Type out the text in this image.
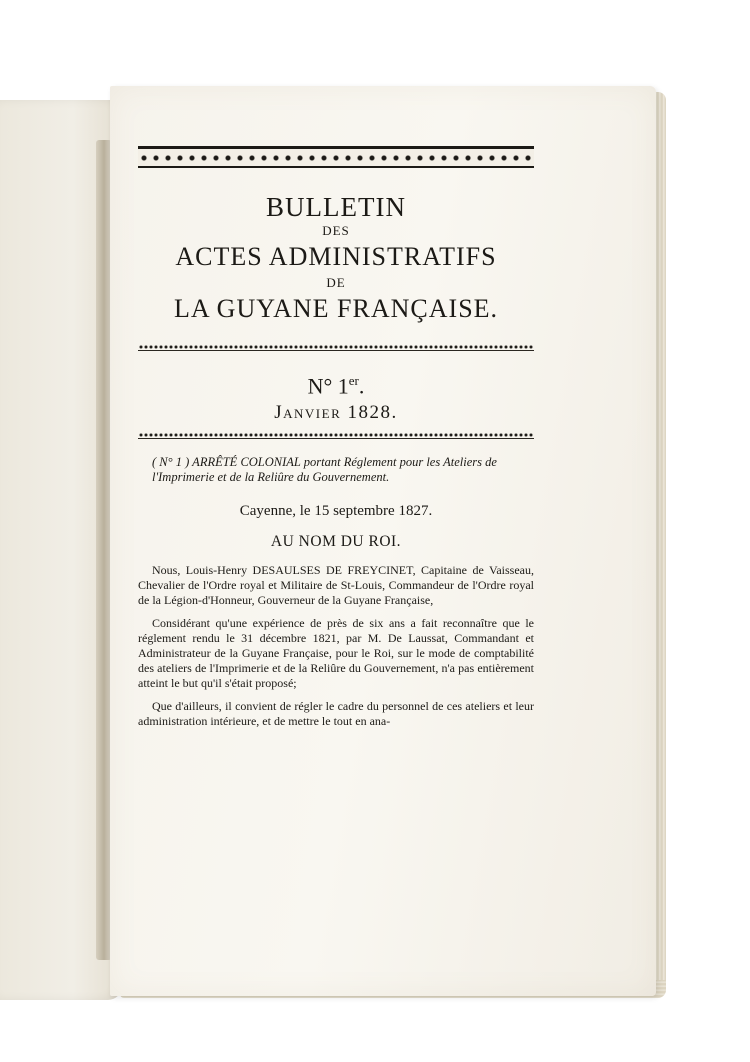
BULLETIN
DES
ACTES ADMINISTRATIFS
DE
LA GUYANE FRANÇAISE.
N° 1er.
Janvier 1828.
( N° 1 ) ARRÊTÉ COLONIAL portant Réglement pour les Ateliers de l'Imprimerie et de la Reliûre du Gouvernement.
Cayenne, le 15 septembre 1827.
AU NOM DU ROI.
Nous, Louis-Henry DESAULSES DE FREYCINET, Capitaine de Vaisseau, Chevalier de l'Ordre royal et Militaire de St-Louis, Commandeur de l'Ordre royal de la Légion-d'Honneur, Gouverneur de la Guyane Française,
Considérant qu'une expérience de près de six ans a fait reconnaître que le réglement rendu le 31 décembre 1821, par M. De Laussat, Commandant et Administrateur de la Guyane Française, pour le Roi, sur le mode de comptabilité des ateliers de l'Imprimerie et de la Reliûre du Gouvernement, n'a pas entièrement atteint le but qu'il s'était proposé;
Que d'ailleurs, il convient de régler le cadre du personnel de ces ateliers et leur administration intérieure, et de mettre le tout en ana-
